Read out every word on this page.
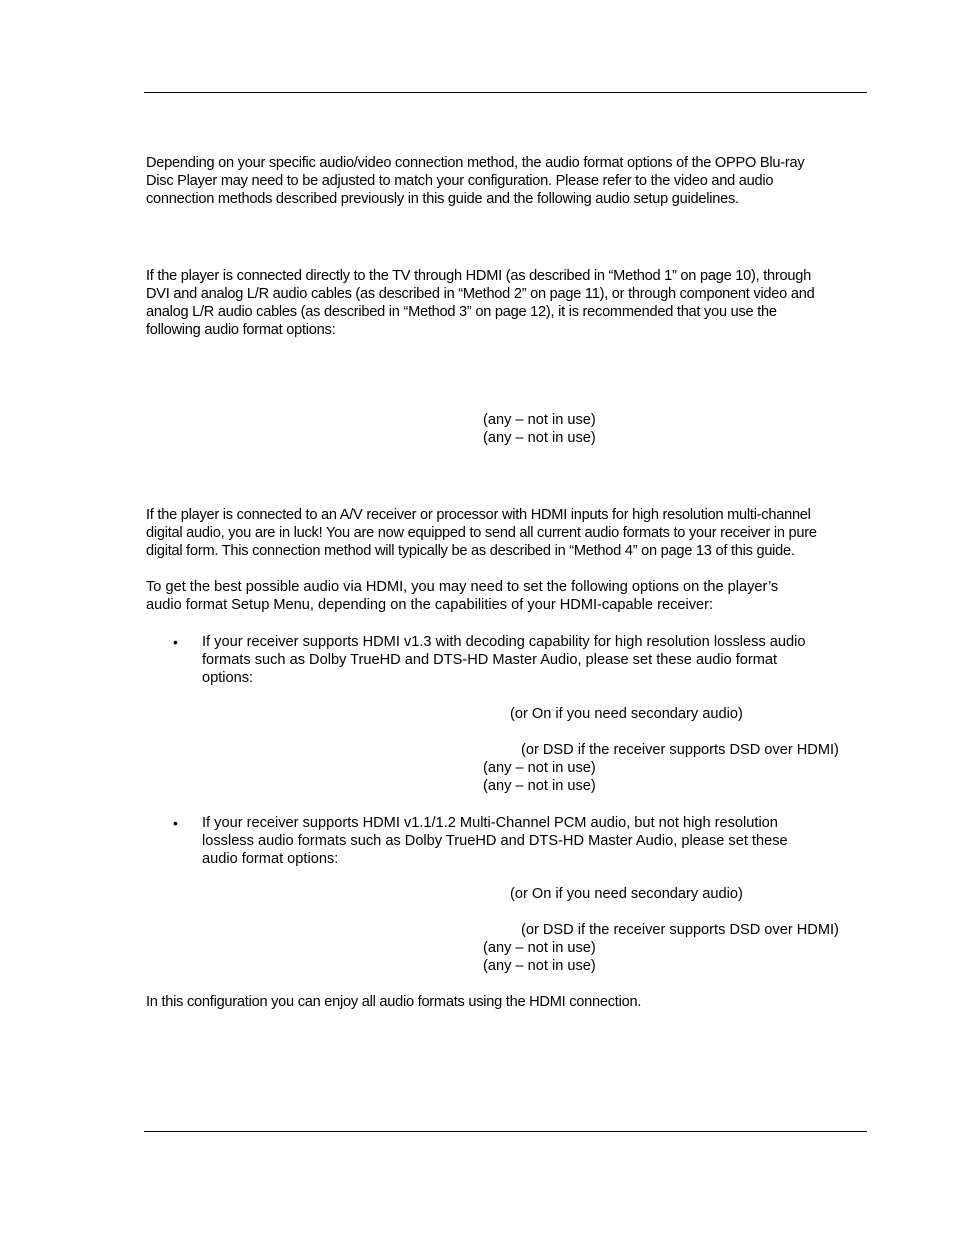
Depending on your specific audio/video connection method, the audio format options of the OPPO Blu-ray
Disc Player may need to be adjusted to match your configuration. Please refer to the video and audio
connection methods described previously in this guide and the following audio setup guidelines.
If the player is connected directly to the TV through HDMI (as described in “Method 1” on page 10), through
DVI and analog L/R audio cables (as described in “Method 2” on page 11), or through component video and
analog L/R audio cables (as described in “Method 3” on page 12), it is recommended that you use the
following audio format options:
(any – not in use)
(any – not in use)
If the player is connected to an A/V receiver or processor with HDMI inputs for high resolution multi-channel
digital audio, you are in luck! You are now equipped to send all current audio formats to your receiver in pure
digital form. This connection method will typically be as described in “Method 4” on page 13 of this guide.
To get the best possible audio via HDMI, you may need to set the following options on the player’s
audio format Setup Menu, depending on the capabilities of your HDMI-capable receiver:
• If your receiver supports HDMI v1.3 with decoding capability for high resolution lossless audio
formats such as Dolby TrueHD and DTS-HD Master Audio, please set these audio format
options:
(or On if you need secondary audio)
(or DSD if the receiver supports DSD over HDMI)
(any – not in use)
(any – not in use)
• If your receiver supports HDMI v1.1/1.2 Multi-Channel PCM audio, but not high resolution
lossless audio formats such as Dolby TrueHD and DTS-HD Master Audio, please set these
audio format options:
(or On if you need secondary audio)
(or DSD if the receiver supports DSD over HDMI)
(any – not in use)
(any – not in use)
In this configuration you can enjoy all audio formats using the HDMI connection.
